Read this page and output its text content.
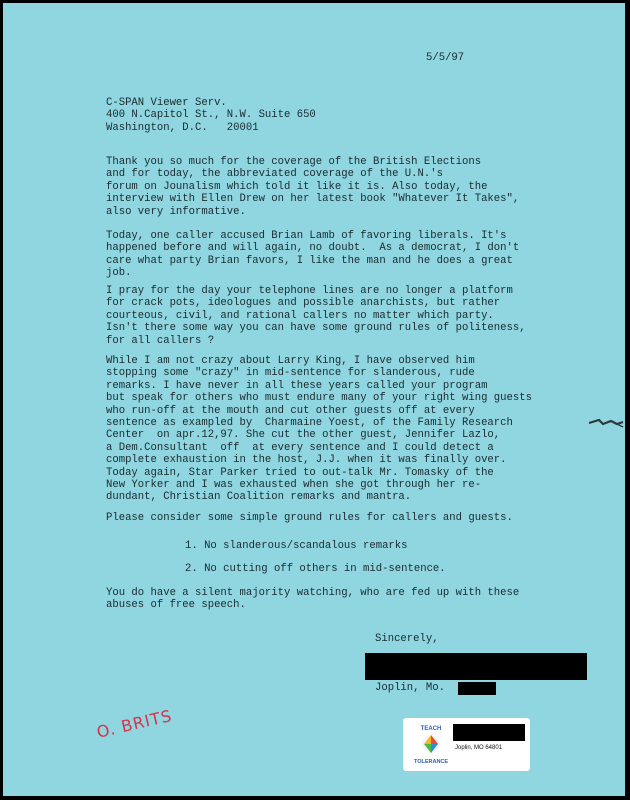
5/5/97
C-SPAN Viewer Serv.
400 N.Capitol St., N.W. Suite 650
Washington, D.C.   20001
Thank you so much for the coverage of the British Elections
and for today, the abbreviated coverage of the U.N.'s
forum on Jounalism which told it like it is. Also today, the
interview with Ellen Drew on her latest book "Whatever It Takes",
also very informative.
Today, one caller accused Brian Lamb of favoring liberals. It's
happened before and will again, no doubt.  As a democrat, I don't
care what party Brian favors, I like the man and he does a great
job.
I pray for the day your telephone lines are no longer a platform
for crack pots, ideologues and possible anarchists, but rather
courteous, civil, and rational callers no matter which party.
Isn't there some way you can have some ground rules of politeness,
for all callers ?
While I am not crazy about Larry King, I have observed him
stopping some "crazy" in mid-sentence for slanderous, rude
remarks. I have never in all these years called your program
but speak for others who must endure many of your right wing guests
who run-off at the mouth and cut other guests off at every
sentence as exampled by  Charmaine Yoest, of the Family Research
Center  on apr.12,97. She cut the other guest, Jennifer Lazlo,
a Dem.Consultant  off  at every sentence and I could detect a
complete exhaustion in the host, J.J. when it was finally over.
Today again, Star Parker tried to out-talk Mr. Tomasky of the
New Yorker and I was exhausted when she got through her re-
dundant, Christian Coalition remarks and mantra.
Please consider some simple ground rules for callers and guests.
1. No slanderous/scandalous remarks
2. No cutting off others in mid-sentence.
You do have a silent majority watching, who are fed up with these
abuses of free speech.
Sincerely,
Joplin, Mo.
O. BRITS	TEACH
TOLERANCE
Joplin, MO 64801
